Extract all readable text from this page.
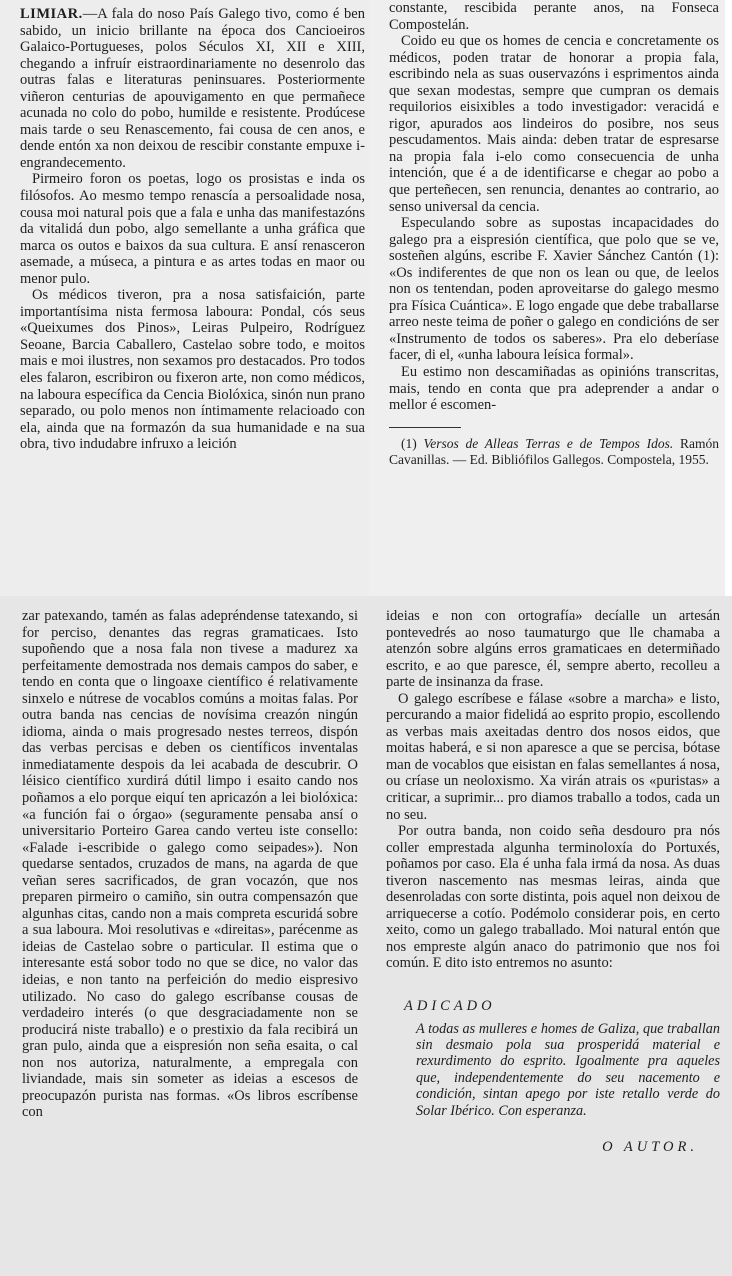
LIMIAR.—A fala do noso País Galego tivo, como é ben sabido, un inicio brillante na época dos Cancioeiros Galaico-Portugueses, polos Séculos XI, XII e XIII, chegando a infruír eistraordinariamente no desenrolo das outras falas e literaturas peninsuares. Posteriormente viñeron centurias de apouvigamento en que permañece acunada no colo do pobo, humilde e resistente. Prodúcese mais tarde o seu Renascemento, fai cousa de cen anos, e dende entón xa non deixou de rescibir constante empuxe i-engrandecemento.

Pirmeiro foron os poetas, logo os prosistas e inda os filósofos. Ao mesmo tempo renascía a persoalidade nosa, cousa moi natural pois que a fala e unha das manifestazóns da vitalidá dun pobo, algo semellante a unha gráfica que marca os outos e baixos da sua cultura. E ansí renasceron asemade, a músecа, a pintura e as artes todas en maor ou menor pulo.

Os médicos tiveron, pra a nosa satisfaición, parte importantísima nista fermosa laboura: Pondal, cós seus «Queixumes dos Pinos», Leiras Pulpeiro, Rodríguez Seoane, Barcia Caballero, Castelao sobre todo, e moitos mais e moi ilustres, non sexamos pro destacados. Pro todos eles falaron, escribiron ou fixeron arte, non como médicos, na laboura específica da Cencia Biolóxica, sinón nun prano separado, ou polo menos non íntimamente relacioado con ela, ainda que na formazón da sua humanidade e na sua obra, tivo indudabre infruxo a leición

constante, rescibida perante anos, na Fonseca Compostelán.

Coido eu que os homes de cencia e concretamente os médicos, poden tratar de honorar a propia fala, escribindo nela as suas ouservazóns i esprimentos ainda que sexan modestas, sempre que cumpran os demais requilorios eisixibles a todo investigador: veracidá e rigor, apurados aos lindeiros do posibre, nos seus pescudamentos. Mais ainda: deben tratar de espresarse na propia fala i-elo como consecuencia de unha intención, que é a de identificarse e chegar ao pobo a que perteñecen, sen renuncia, denantes ao contrario, ao senso universal da cencia.

Especulando sobre as supostas incapacidades do galego pra a eispresión científica, que polo que se ve, sosteñen algúns, escribe F. Xavier Sánchez Cantón (1): «Os indiferentes de que non os lean ou que, de leelos non os tentendan, poden aproveitarse do galego mesmo pra Física Cuántica». E logo engade que debe traballarse arreo neste teima de poñer o galego en condicións de ser «Instrumento de todos os saberes». Pra elo deberíase facer, di el, «unha laboura leísica formal».

Eu estimo non descamiñadas as opinións transcritas, mais, tendo en conta que pra adeprender a andar o mellor é escomen-

(1) Versos de Alleas Terras e de Tempos Idos. Ramón Cavanillas. — Ed. Bibliófilos Gallegos. Compostela, 1955.

zar patexando, tamén as falas adepréndense tatexando, si for perciso, denantes das regras gramaticaes. Isto supoñendo que a nosa fala non tivese a madurez xa perfeitamente demostrada nos demais campos do saber, e tendo en conta que o lingoaxe científico é relativamente sinxelo e nútrese de vocablos comúns a moitas falas. Por outra banda nas cencias de novísima creazón ningún idioma, ainda o mais progresado nestes terreos, dispón das verbas percisas e deben os científicos inventalas inmediatamente despois da lei acabada de descubrir. O léisico científico xurdirá dútil limpo i esaito cando nos poñamos a elo porque eiquí ten apricazón a lei biolóxica: «a función fai o órgao» (seguramente pensaba ansí o universitario Porteiro Garea cando verteu iste consello: «Falade i-escribide o galego como seipades»). Non quedarse sentados, cruzados de mans, na agarda de que veñan seres sacrificados, de gran vocazón, que nos preparen pirmeiro o camiño, sin outra compensazón que algunhas citas, cando non a mais compreta escuridá sobre a sua laboura. Moi resolutivas e «direitas», parécenme as ideias de Castelao sobre o particular. Il estima que o interesante está sobor todo no que se dice, no valor das ideias, e non tanto na perfeición do medio eispresivo utilizado. No caso do galego escríbanse cousas de verdadeiro interés (o que desgraciadamente non se producirá niste traballo) e o prestixio da fala recibirá un gran pulo, ainda que a eispresión non seña esaita, o cal non nos autoriza, naturalmente, a empregala con liviandade, mais sin someter as ideias a escesos de preocupazón purista nas formas. «Os libros escríbense con

ideias e non con ortografía» decíalle un artesán pontevedrés ao noso taumaturgo que lle chamaba a atenzón sobre algúns erros gramaticaes en determiñado escrito, e ao que paresce, él, sempre aberto, recolleu a parte de insinanza da frase.

O galego escríbese e fálase «sobre a marcha» e listo, percurando a maior fidelidá ao esprito propio, escollendo as verbas mais axeitadas dentro dos nosos eidos, que moitas haberá, e si non aparesce a que se percisa, bótase man de vocablos que eisistan en falas semellantes á nosa, ou críase un neoloxismo. Xa virán atrais os «puristas» a criticar, a suprimir... pro diamos traballo a todos, cada un no seu.

Por outra banda, non coido seña desdouro pra nós coller emprestada algunha terminoloxía do Portuxés, poñamos por caso. Ela é unha fala irmá da nosa. As duas tiveron nascemento nas mesmas leiras, ainda que desenroladas con sorte distinta, pois aquel non deixou de arriquecerse a cotío. Podémolo considerar pois, en certo xeito, como un galego traballado. Moi natural entón que nos empreste algún anaco do patrimonio que nos foi común. E dito isto entremos no asunto:

ADICADO
A todas as mulleres e homes de Galiza, que traballan sin desmaio pola sua prosperidá material e rexurdimento do esprito. Igoalmente pra aqueles que, independentemente do seu nacemento e condición, sintan apego por iste retallo verde do Solar Ibérico. Con esperanza.
O AUTOR.
